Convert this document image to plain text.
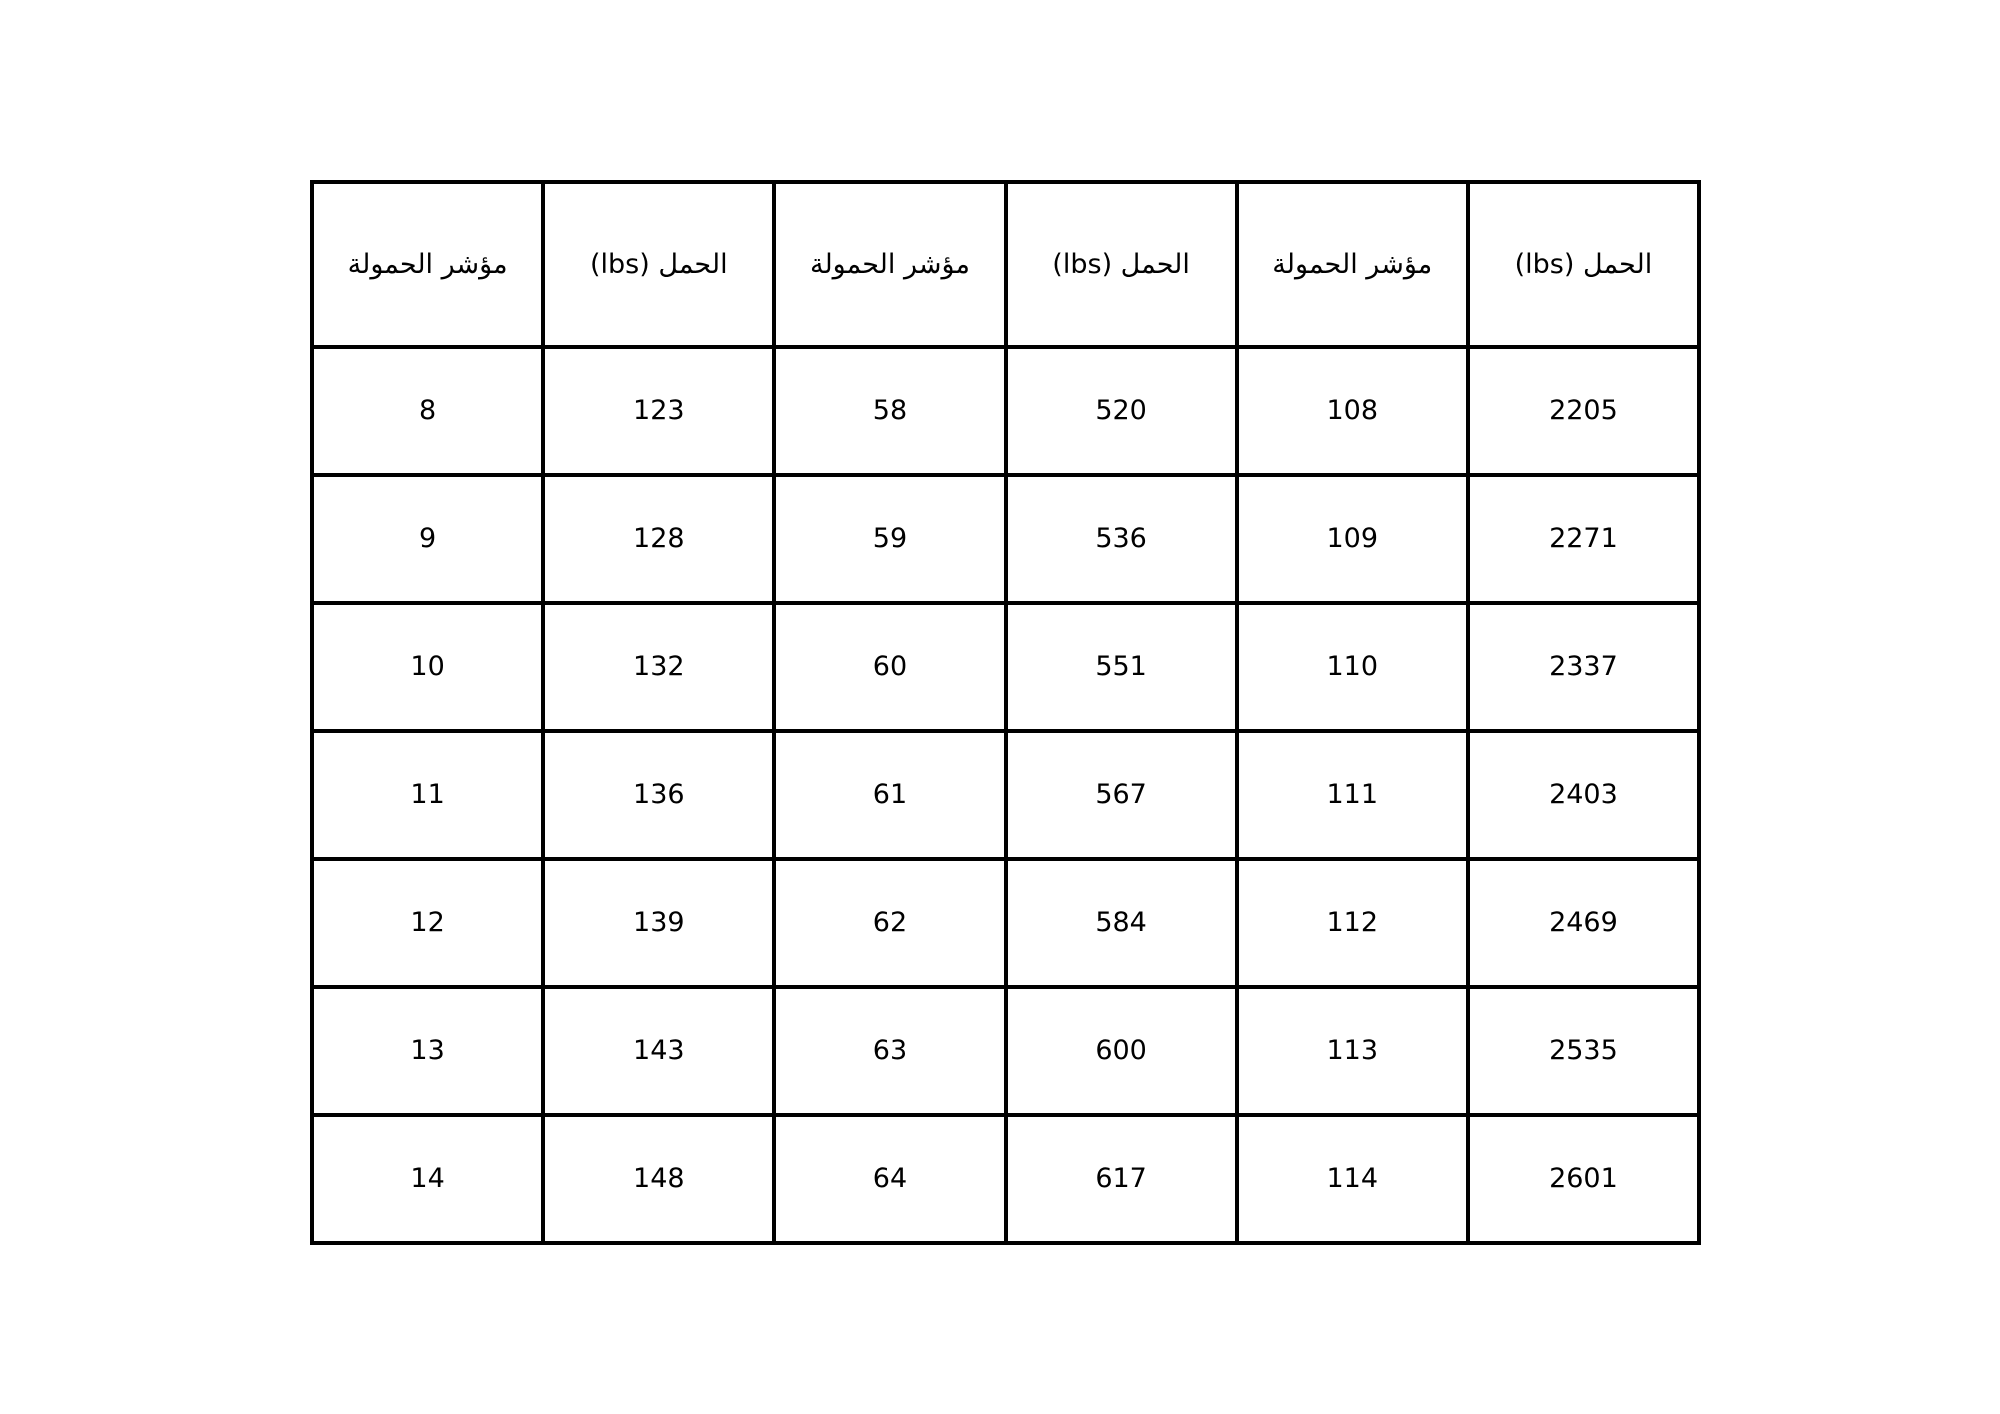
الحمل (lbs)	مؤشر الحمولة	الحمل (lbs)	مؤشر الحمولة	الحمل (lbs)	مؤشر الحمولة
2205	108	520	58	123	8
2271	109	536	59	128	9
2337	110	551	60	132	10
2403	111	567	61	136	11
2469	112	584	62	139	12
2535	113	600	63	143	13
2601	114	617	64	148	14
